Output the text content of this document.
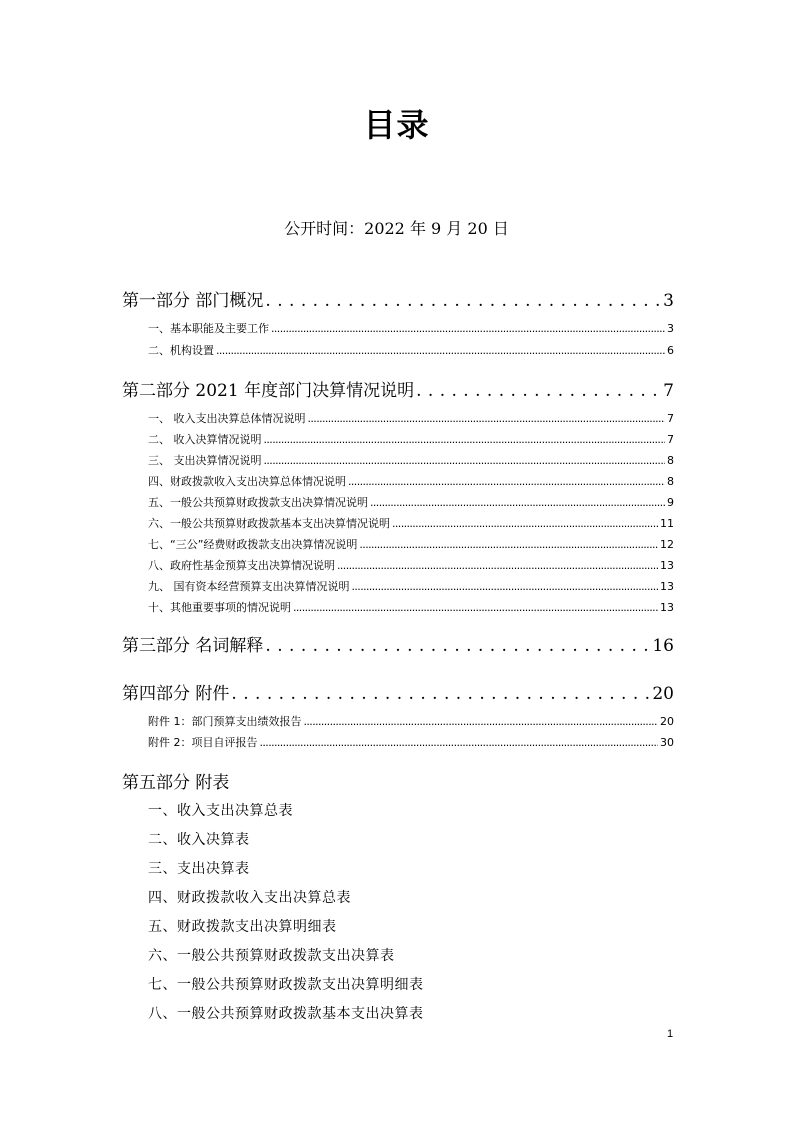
目录
公开时间：2022 年 9 月 20 日
第一部分 部门概况 . . .	3
一、基本职能及主要工作 .....	3
二、机构设置 .....	6
第二部分 2021 年度部门决算情况说明 . . .	7
一、 收入支出决算总体情况说明 .....	7
二、 收入决算情况说明 .....	7
三、 支出决算情况说明 .....	8
四、财政拨款收入支出决算总体情况说明 .....	8
五、一般公共预算财政拨款支出决算情况说明 .....	9
六、一般公共预算财政拨款基本支出决算情况说明 .....	11
七、“三公”经费财政拨款支出决算情况说明 .....	12
八、政府性基金预算支出决算情况说明 .....	13
九、 国有资本经营预算支出决算情况说明 .....	13
十、其他重要事项的情况说明 .....	13
第三部分 名词解释 . . .	16
第四部分 附件 . . .	20
附件 1：部门预算支出绩效报告 .....	20
附件 2：项目自评报告 .....	30
第五部分 附表
一、收入支出决算总表
二、收入决算表
三、支出决算表
四、财政拨款收入支出决算总表
五、财政拨款支出决算明细表
六、一般公共预算财政拨款支出决算表
七、一般公共预算财政拨款支出决算明细表
八、一般公共预算财政拨款基本支出决算表
1
